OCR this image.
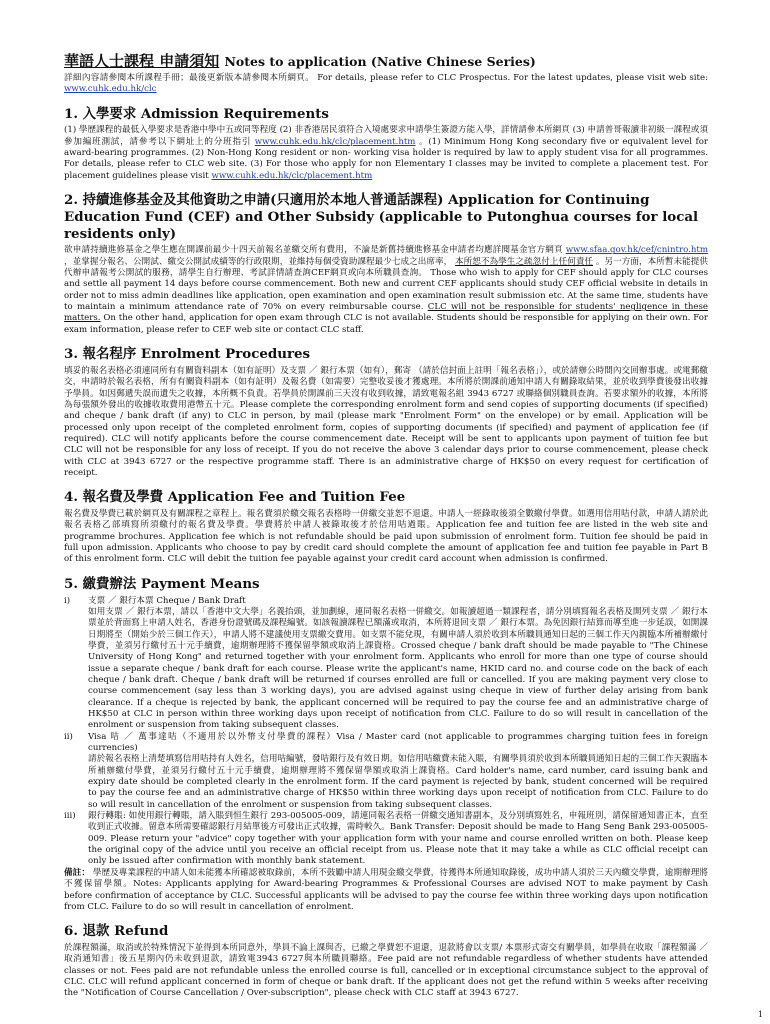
華語人士課程 申請須知 Notes to application (Native Chinese Series)

詳細內容請參閱本所課程手冊；最後更新版本請參閱本所網頁。 For details, please refer to CLC Prospectus. For the latest updates, please visit web site: www.cuhk.edu.hk/clc

1. 入學要求 Admission Requirements

(1) 學歷課程的最低入學要求是香港中學中五或同等程度 (2) 非香港居民須符合入境處要求申請學生簽證方能入學，詳情請參本所網頁 (3) 申請普哥報讀非初級一課程或須參加編班測試，請參考以下網址上的分班指引 www.cuhk.edu.hk/clc/placement.htm 。(1) Minimum Hong Kong secondary five or equivalent level for award-bearing programmes. (2) Non-Hong Kong resident or non- working visa holder is required by law to apply student visa for all programmes. For details, please refer to CLC web site. (3) For those who apply for non Elementary I classes may be invited to complete a placement test. For placement guidelines please visit www.cuhk.edu.hk/clc/placement.htm

2. 持續進修基金及其他資助之申請(只適用於本地人普通話課程) Application for Continuing Education Fund (CEF) and Other Subsidy (applicable to Putonghua courses for local residents only)

欲申請持續進修基金之學生應在開課前最少十四天前報名並繳交所有費用，不論是新舊持續進修基金申請者均應詳閱基金官方網頁 www.sfaa.gov.hk/cef/cnintro.htm ，並掌握分報名、公開試、繳交公開試成績等的行政限期，並維持每個受資助課程最少七成之出席率， 本所恕不為學生之疏忽付上任何責任 。另一方面，本所暫未能提供代辦申請報考公開試的服務，請學生自行辦理、考試詳情請查詢CEF網頁或向本所職員查詢。 Those who wish to apply for CEF should apply for CLC courses and settle all payment 14 days before course commencement. Both new and current CEF applicants should study CEF official website in details in order not to miss admin deadlines like application, open examination and open examination result submission etc. At the same time, students have to maintain a minimum attendance rate of 70% on every reimbursable course. CLC will not be responsible for students' negligence in these matters. On the other hand, application for open exam through CLC is not available. Students should be responsible for applying on their own. For exam information, please refer to CEF web site or contact CLC staff.

3. 報名程序 Enrolment Procedures

填妥的報名表格必須連同所有有關資料副本（如有証明）及支票 ／ 銀行本票（如有），郵寄 （請於信封面上註明「報名表格」），或於請辦公時間內交回辦事處。或電郵繳交，申請時於報名表格，所有有關資料副本（如有証明）及報名費（如需要）完整收妥後才獲處理。本所將於開課前通知申請人有關錄取結果，並於收到學費後發出收據予學員。如因郵遞失誤而遺失之收據，本所概不負責。若學員於開課前三天沒有收到收據，請致電報名組 3943 6727 或聯絡個別職員查詢。若要求額外的收據，本所將為每張額外發出的收據收取費用港幣五十元。Please complete the corresponding enrolment form and send copies of supporting documents (if specified) and cheque / bank draft (if any) to CLC in person, by mail (please mark "Enrolment Form" on the envelope) or by email. Application will be processed only upon receipt of the completed enrolment form, copies of supporting documents (if specified) and payment of application fee (if required). CLC will notify applicants before the course commencement date. Receipt will be sent to applicants upon payment of tuition fee but CLC will not be responsible for any loss of receipt. If you do not receive the above 3 calendar days prior to course commencement, please check with CLC at 3943 6727 or the respective programme staff. There is an administrative charge of HK$50 on every request for certification of receipt.

4. 報名費及學費 Application Fee and Tuition Fee

報名費及學費已載於網頁及有關課程之章程上。報名費須於繳交報名表格時一併繳交並恕不退還。申請人一經錄取後須全數繳付學費。如選用信用咭付款，申請人請於此報名表格乙部填寫所須繳付的報名費及學費。學費將於申請人被錄取後才於信用咭過賬。Application fee and tuition fee are listed in the web site and programme brochures. Application fee which is not refundable should be paid upon submission of enrolment form. Tuition fee should be paid in full upon admission. Applicants who choose to pay by credit card should complete the amount of application fee and tuition fee payable in Part B of this enrolment form. CLC will debit the tuition fee payable against your credit card account when admission is confirmed.

5. 繳費辦法 Payment Means
i)	支票 ／ 銀行本票 Cheque / Bank Draft
如用支票 ／ 銀行本票，請以「香港中文大學」名義抬頭，並加劃線，連同報名表格一併繳交。如報讀超過一類課程者，請分別填寫報名表格及開列支票 ／ 銀行本票並於背面寫上申請人姓名，香港身份證號碼及課程編號。如該報讀課程已額滿或取消，本所將退回支票 ／ 銀行本票。為免因銀行結算而導至進一步延誤，如開課日期將至（開始少於三個工作天），申請人將不建議使用支票繳交費用。如支票不能兌現，有關申請人須於收到本所職員通知日起的三個工作天內親臨本所補辦繳付學費，並須另行繳付五十元手續費，逾期辦理將不獲保留學額或取消上課資格。Crossed cheque / bank draft should be made payable to "The Chinese University of Hong Kong" and returned together with your enrolment form. Applicants who enroll for more than one type of course should issue a separate cheque / bank draft for each course. Please write the applicant's name, HKID card no. and course code on the back of each cheque / bank draft. Cheque / bank draft will be returned if courses enrolled are full or cancelled. If you are making payment very close to course commencement (say less than 3 working days), you are advised against using cheque in view of further delay arising from bank clearance. If a cheque is rejected by bank, the applicant concerned will be required to pay the course fee and an administrative charge of HK$50 at CLC in person within three working days upon receipt of notification from CLC. Failure to do so will result in cancellation of the enrolment or suspension from taking subsequent classes.
ii)	Visa 咭 ／ 萬事達咭（不適用於以外幣支付學費的課程）Visa / Master card (not applicable to programmes charging tuition fees in foreign currencies)
請於報名表格上清楚填寫信用咭持有人姓名，信用咭編號，發咭銀行及有效日期。如信用咭繳費未能入賬，有關學員須於收到本所職員通知日起的三個工作天親臨本所補辦繳付學費，並須另行繳付五十元手續費，逾期辦理將不獲保留學額或取消上課資格。Card holder's name, card number, card issuing bank and expiry date should be completed clearly in the enrolment form. If the card payment is rejected by bank, student concerned will be required to pay the course fee and an administrative charge of HK$50 within three working days upon receipt of notification from CLC. Failure to do so will result in cancellation of the enrolment or suspension from taking subsequent classes.
iii)	銀行轉賬: 如使用銀行轉賬，請入賬到恒生銀行 293-005005-009，請連同報名表格一併繳交通知書副本，及分別填寫姓名，申報班別，請保留通知書正本，直至收到正式收據。留意本所需要確認銀行月結單後方可發出正式收據，需時較久。Bank Transfer: Deposit should be made to Hang Seng Bank 293-005005-009. Please return your "advice" copy together with your application form with your name and course enrolled written on both. Please keep the original copy of the advice until you receive an official receipt from us. Please note that it may take a while as CLC official receipt can only be issued after confirmation with monthly bank statement.

備註： 學歷及專業課程的申請人如未能獲本所確認被取錄前，本所不鼓勵申請人用現金繳交學費，待獲得本所通知取錄後，成功申請人須於三天內繳交學費，逾期辦理將不獲保留學額。Notes: Applicants applying for Award-bearing Programmes & Professional Courses are advised NOT to make payment by Cash before confirmation of acceptance by CLC. Successful applicants will be advised to pay the course fee within three working days upon notification from CLC. Failure to do so will result in cancellation of enrolment.

6. 退款 Refund

於課程額滿，取消或於特殊情況下並得到本所同意外，學員不論上課與否，已繳之學費恕不退還，退款將會以支票/ 本票形式寄交有關學員，如學員在收取「課程額滿 ／ 取消通知書」後五星期內仍未收到退款，請致電3943 6727與本所職員聯絡。Fee paid are not refundable regardless of whether students have attended classes or not. Fees paid are not refundable unless the enrolled course is full, cancelled or in exceptional circumstance subject to the approval of CLC. CLC will refund applicant concerned in form of cheque or bank draft. If the applicant does not get the refund within 5 weeks after receiving the "Notification of Course Cancellation / Over-subscription", please check with CLC staff at 3943 6727.

1
